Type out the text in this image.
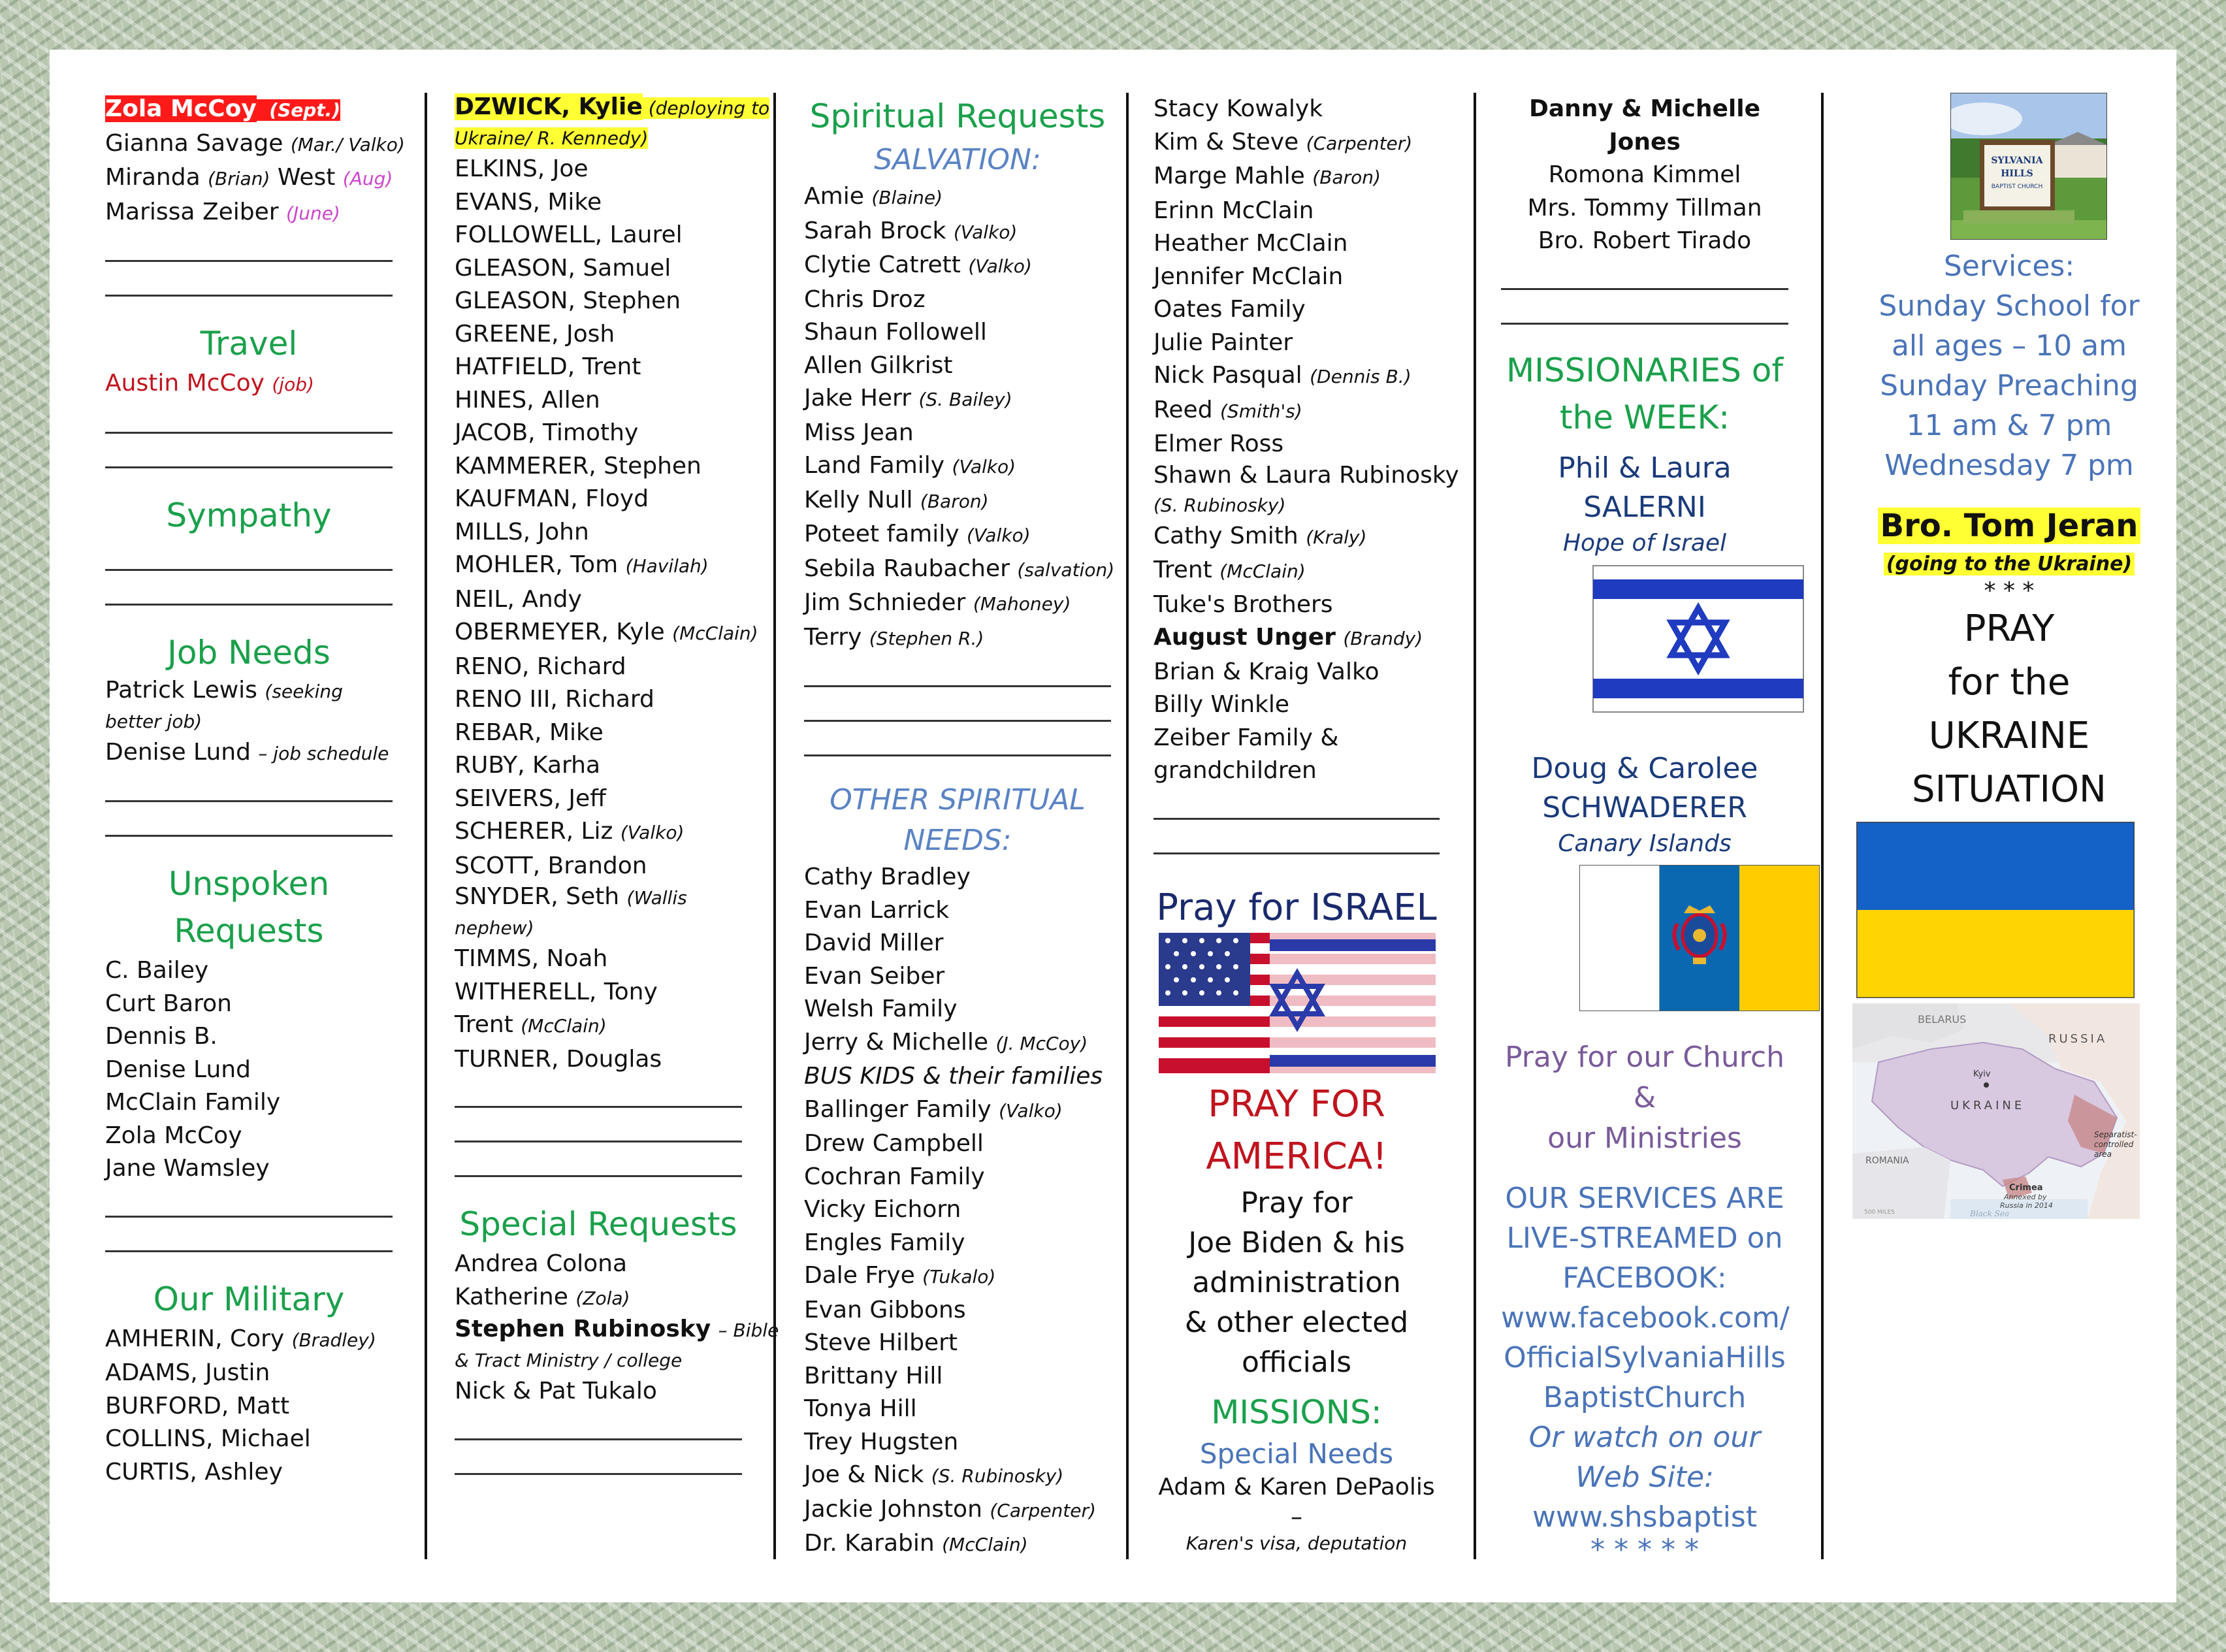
Zola McCoy (Sept.)
Gianna Savage (Mar./ Valko)
Miranda (Brian) West (Aug)
Marissa Zeiber (June)
Travel
Austin McCoy (job)
Sympathy
Job Needs
Patrick Lewis (seeking better job)
Denise Lund – job schedule
Unspoken
Requests
C. Bailey
Curt Baron
Dennis B.
Denise Lund
McClain Family
Zola McCoy
Jane Wamsley
Our Military
AMHERIN, Cory (Bradley)
ADAMS, Justin
BURFORD, Matt
COLLINS, Michael
CURTIS, Ashley
DZWICK, Kylie (deploying to
Ukraine/ R. Kennedy)
ELKINS, Joe
EVANS, Mike
FOLLOWELL, Laurel
GLEASON, Samuel
GLEASON, Stephen
GREENE, Josh
HATFIELD, Trent
HINES, Allen
JACOB, Timothy
KAMMERER, Stephen
KAUFMAN, Floyd
MILLS, John
MOHLER, Tom (Havilah)
NEIL, Andy
OBERMEYER, Kyle (McClain)
RENO, Richard
RENO III, Richard
REBAR, Mike
RUBY, Karha
SEIVERS, Jeff
SCHERER, Liz (Valko)
SCOTT, Brandon
SNYDER, Seth (Wallis
nephew)
TIMMS, Noah
WITHERELL, Tony
Trent (McClain)
TURNER, Douglas
Special Requests
Andrea Colona
Katherine (Zola)
Stephen Rubinosky – Bible
& Tract Ministry / college
Nick & Pat Tukalo
Spiritual Requests
SALVATION:
Amie (Blaine)
Sarah Brock (Valko)
Clytie Catrett (Valko)
Chris Droz
Shaun Followell
Allen Gilkrist
Jake Herr (S. Bailey)
Miss Jean
Land Family (Valko)
Kelly Null (Baron)
Poteet family (Valko)
Sebila Raubacher (salvation)
Jim Schnieder (Mahoney)
Terry (Stephen R.)
OTHER SPIRITUAL
NEEDS:
Cathy Bradley
Evan Larrick
David Miller
Evan Seiber
Welsh Family
Jerry & Michelle (J. McCoy)
BUS KIDS & their families
Ballinger Family (Valko)
Drew Campbell
Cochran Family
Vicky Eichorn
Engles Family
Dale Frye (Tukalo)
Evan Gibbons
Steve Hilbert
Brittany Hill
Tonya Hill
Trey Hugsten
Joe & Nick (S. Rubinosky)
Jackie Johnston (Carpenter)
Dr. Karabin (McClain)
Stacy Kowalyk
Kim & Steve (Carpenter)
Marge Mahle (Baron)
Erinn McClain
Heather McClain
Jennifer McClain
Oates Family
Julie Painter
Nick Pasqual (Dennis B.)
Reed (Smith's)
Elmer Ross
Shawn & Laura Rubinosky
(S. Rubinosky)
Cathy Smith (Kraly)
Trent (McClain)
Tuke's Brothers
August Unger (Brandy)
Brian & Kraig Valko
Billy Winkle
Zeiber Family &
grandchildren
Pray for ISRAEL
PRAY FOR
AMERICA!
Pray for
Joe Biden & his
administration
& other elected
officials
MISSIONS:
Special Needs
Adam & Karen DePaolis –
Karen's visa, deputation
Danny & Michelle Jones
Romona Kimmel
Mrs. Tommy Tillman
Bro. Robert Tirado
MISSIONARIES of
the WEEK:
Phil & Laura
SALERNI
Hope of Israel
Doug & Carolee
SCHWADERER
Canary Islands
Pray for our Church &
our Ministries
OUR SERVICES ARE
LIVE-STREAMED on
FACEBOOK:
www.facebook.com/
OfficialSylvaniaHills
BaptistChurch
Or watch on our
Web Site:
www.shsbaptist
* * * * *
SYLVANIA
HILLS
BAPTIST CHURCH
Services:
Sunday School for
all ages – 10 am
Sunday Preaching
11 am & 7 pm
Wednesday 7 pm
Bro. Tom Jeran
(going to the Ukraine)
* * *
PRAY
for the
UKRAINE
SITUATION
BELARUS
RUSSIA
Kyiv
UKRAINE
ROMANIA
Separatist-
controlled
area
Crimea
Annexed by
Russia in 2014
Black Sea
500 MILES
